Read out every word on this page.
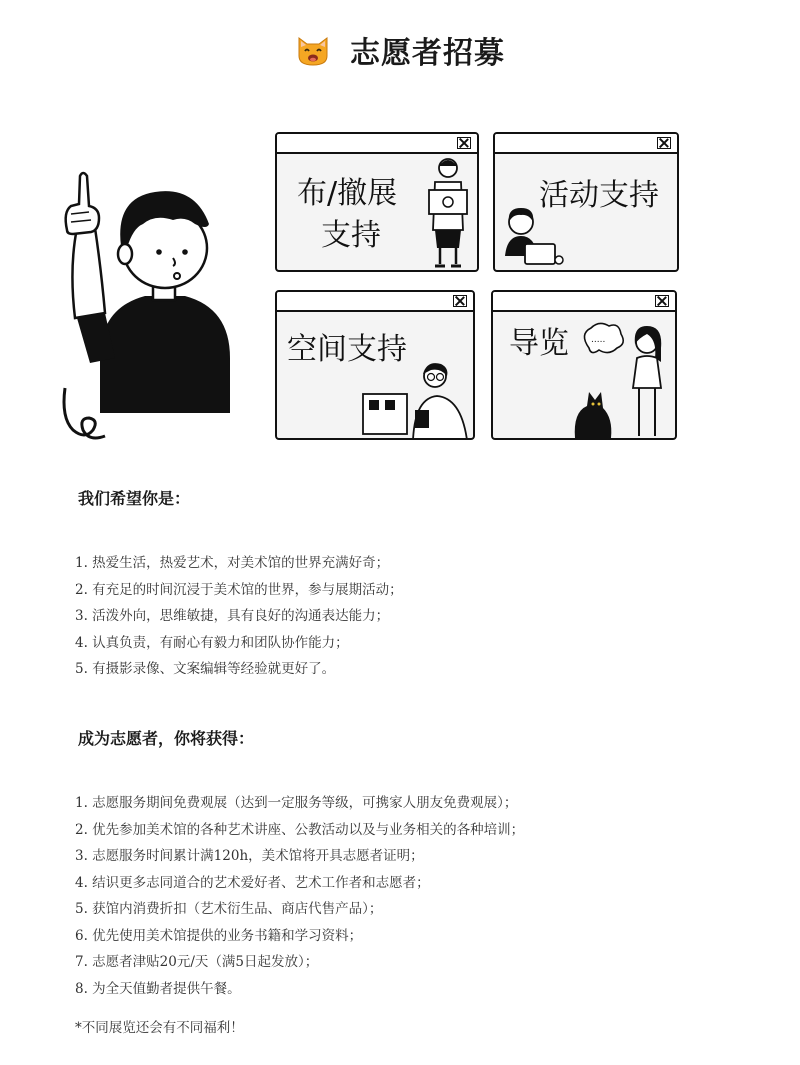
志愿者招募
布/撤展
支持
活动支持
空间支持	导览 .....
我们希望你是：
1. 热爱生活，热爱艺术，对美术馆的世界充满好奇；
2. 有充足的时间沉浸于美术馆的世界，参与展期活动；
3. 活泼外向，思维敏捷，具有良好的沟通表达能力；
4. 认真负责，有耐心有毅力和团队协作能力；
5. 有摄影录像、文案编辑等经验就更好了。
成为志愿者，你将获得：
1. 志愿服务期间免费观展（达到一定服务等级，可携家人朋友免费观展）；
2. 优先参加美术馆的各种艺术讲座、公教活动以及与业务相关的各种培训；
3. 志愿服务时间累计满120h，美术馆将开具志愿者证明；
4. 结识更多志同道合的艺术爱好者、艺术工作者和志愿者；
5. 获馆内消费折扣（艺术衍生品、商店代售产品）；
6. 优先使用美术馆提供的业务书籍和学习资料；
7. 志愿者津贴20元/天（满5日起发放）；
8. 为全天值勤者提供午餐。
*不同展览还会有不同福利！
